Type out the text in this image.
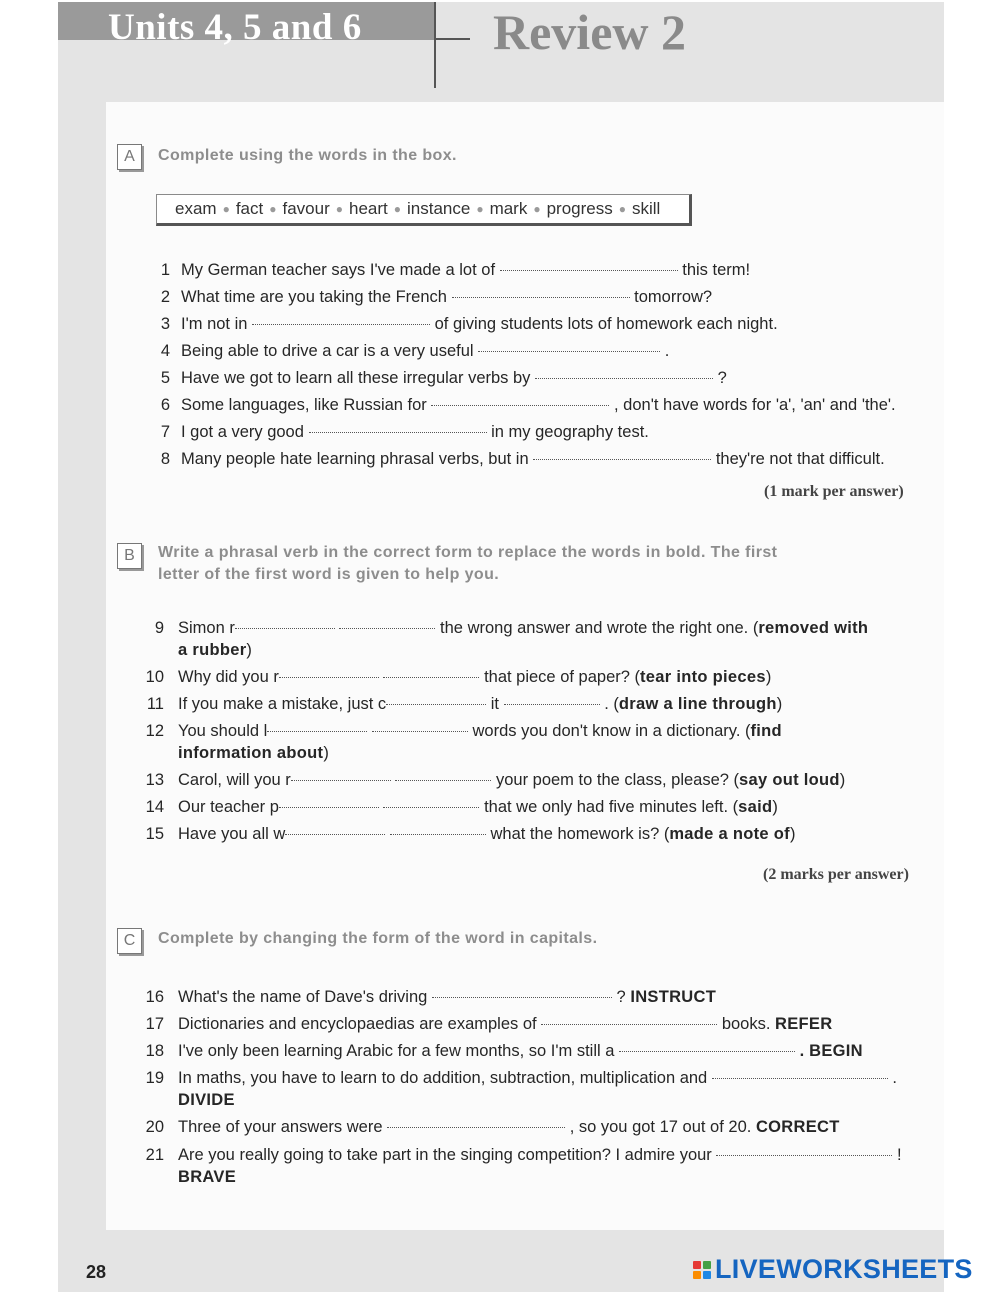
Units 4, 5 and 6	Review 2
A	Complete using the words in the box.
exam ● fact ● favour ● heart ● instance ● mark ● progress ● skill
1 My German teacher says I've made a lot of	this term!
2 What time are you taking the French	tomorrow?
3 I'm not in	of giving students lots of homework each night.
4 Being able to drive a car is a very useful	.
5 Have we got to learn all these irregular verbs by	?
6 Some languages, like Russian for	, don't have words for 'a', 'an' and 'the'.
7 I got a very good	in my geography test.
8 Many people hate learning phrasal verbs, but in	they're not that difficult.
(1 mark per answer)
B	Write a phrasal verb in the correct form to replace the words in bold. The first
letter of the first word is given to help you.
9 Simon r	the wrong answer and wrote the right one. (removed with
a rubber)
10 Why did you r	that piece of paper? (tear into pieces)
11 If you make a mistake, just c	it	. (draw a line through)
12 You should l	words you don't know in a dictionary. (find
information about)
13 Carol, will you r	your poem to the class, please? (say out loud)
14 Our teacher p	that we only had five minutes left. (said)
15 Have you all w	what the homework is? (made a note of)
(2 marks per answer)
C	Complete by changing the form of the word in capitals.
16 What's the name of Dave's driving	? INSTRUCT
17 Dictionaries and encyclopaedias are examples of	books. REFER
18 I've only been learning Arabic for a few months, so I'm still a	. BEGIN
19 In maths, you have to learn to do addition, subtraction, multiplication and	.
DIVIDE
20 Three of your answers were	, so you got 17 out of 20. CORRECT
21 Are you really going to take part in the singing competition? I admire your	!
BRAVE
28	LIVEWORKSHEETS
